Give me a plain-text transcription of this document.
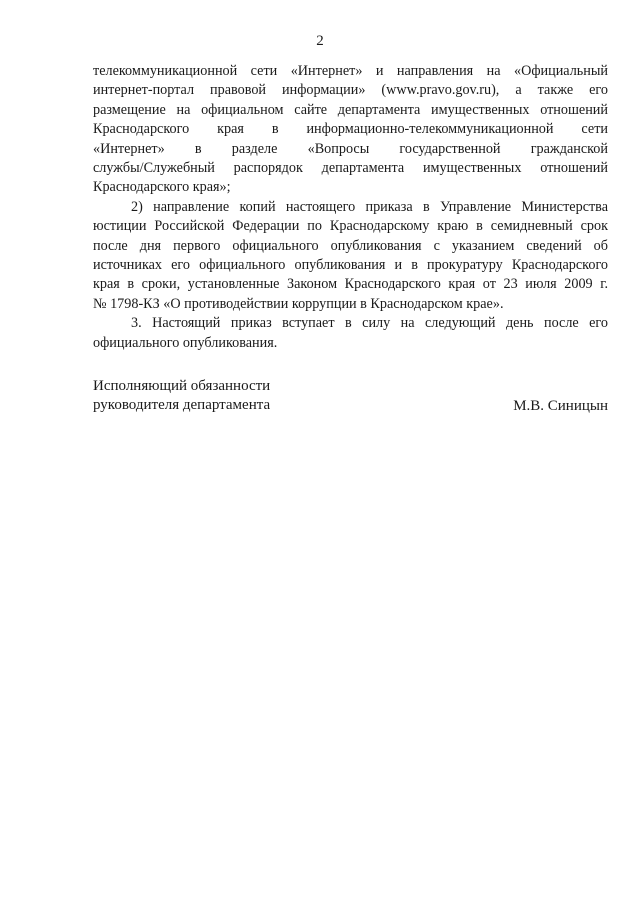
2
телекоммуникационной сети «Интернет» и направления на «Официальный
интернет-портал правовой информации» (www.pravo.gov.ru), а также его
размещение на официальном сайте департамента имущественных отношений
Краснодарского края в информационно-телекоммуникационной сети
«Интернет» в разделе «Вопросы государственной гражданской
службы/Служебный распорядок департамента имущественных отношений
Краснодарского края»;
2) направление копий настоящего приказа в Управление Министерства
юстиции Российской Федерации по Краснодарскому краю в семидневный срок
после дня первого официального опубликования с указанием сведений об
источниках его официального опубликования и в прокуратуру Краснодарского
края в сроки, установленные Законом Краснодарского края от 23 июля 2009 г.
№ 1798-КЗ «О противодействии коррупции в Краснодарском крае».
3. Настоящий приказ вступает в силу на следующий день после его
официального опубликования.
Исполняющий обязанности
руководителя департамента	М.В. Синицын
